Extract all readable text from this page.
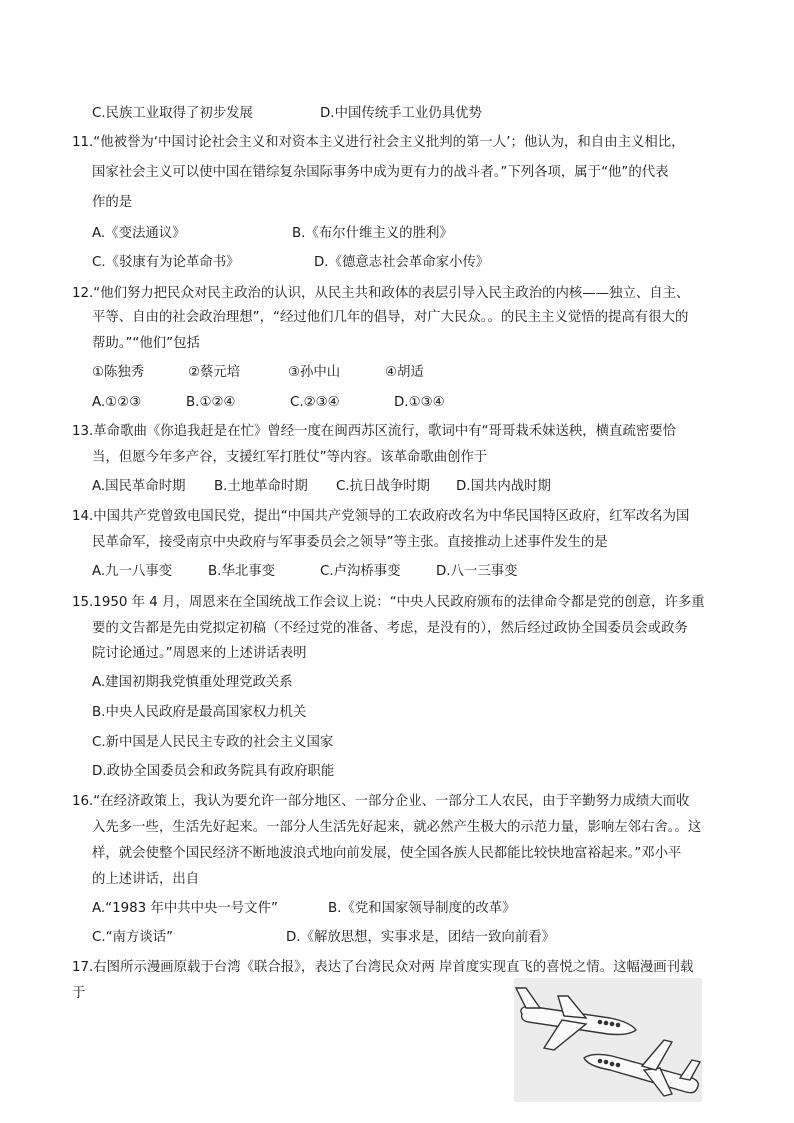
C.民族工业取得了初步发展	D.中国传统手工业仍具优势
11.“他被誉为‘中国讨论社会主义和对资本主义进行社会主义批判的第一人’；他认为，和自由主义相比，
国家社会主义可以使中国在错综复杂国际事务中成为更有力的战斗者。”下列各项，属于“他”的代表
作的是
A.《变法通议》	B.《布尔什维主义的胜利》
C.《驳康有为论革命书》	D.《德意志社会革命家小传》
12.“他们努力把民众对民主政治的认识，从民主共和政体的表层引导入民主政治的内核——独立、自主、
平等、自由的社会政治理想”，“经过他们几年的倡导，对广大民众。。的民主主义觉悟的提高有很大的
帮助。”“他们”包括
①陈独秀	②蔡元培	③孙中山	④胡适
A.①②③	B.①②④	C.②③④	D.①③④
13.革命歌曲《你追我赶是在忙》曾经一度在闽西苏区流行，歌词中有“哥哥栽禾妹送秧，横直疏密要恰
当，但愿今年多产谷，支援红军打胜仗”等内容。该革命歌曲创作于
A.国民革命时期 B.土地革命时期 C.抗日战争时期 D.国共内战时期
14.中国共产党曾致电国民党，提出“中国共产党领导的工农政府改名为中华民国特区政府，红军改名为国
民革命军，接受南京中央政府与军事委员会之领导”等主张。直接推动上述事件发生的是
A.九一八事变	B.华北事变	C.卢沟桥事变	D.八一三事变
15.1950 年 4 月，周恩来在全国统战工作会议上说：“中央人民政府颁布的法律命令都是党的创意，许多重
要的文告都是先由党拟定初稿（不经过党的准备、考虑，是没有的），然后经过政协全国委员会或政务
院讨论通过。”周恩来的上述讲话表明
A.建国初期我党慎重处理党政关系
B.中央人民政府是最高国家权力机关
C.新中国是人民民主专政的社会主义国家
D.政协全国委员会和政务院具有政府职能
16.“在经济政策上，我认为要允许一部分地区、一部分企业、一部分工人农民，由于辛勤努力成绩大而收
入先多一些，生活先好起来。一部分人生活先好起来，就必然产生极大的示范力量，影响左邻右舍。。这
样，就会使整个国民经济不断地波浪式地向前发展，使全国各族人民都能比较快地富裕起来。”邓小平
的上述讲话，出自
A.“1983 年中共中央一号文件”	B.《党和国家领导制度的改革》
C.“南方谈话”	D.《解放思想，实事求是，团结一致向前看》
17.右图所示漫画原载于台湾《联合报》，表达了台湾民众对两 岸首度实现直飞的喜悦之情。这幅漫画刊载
于
